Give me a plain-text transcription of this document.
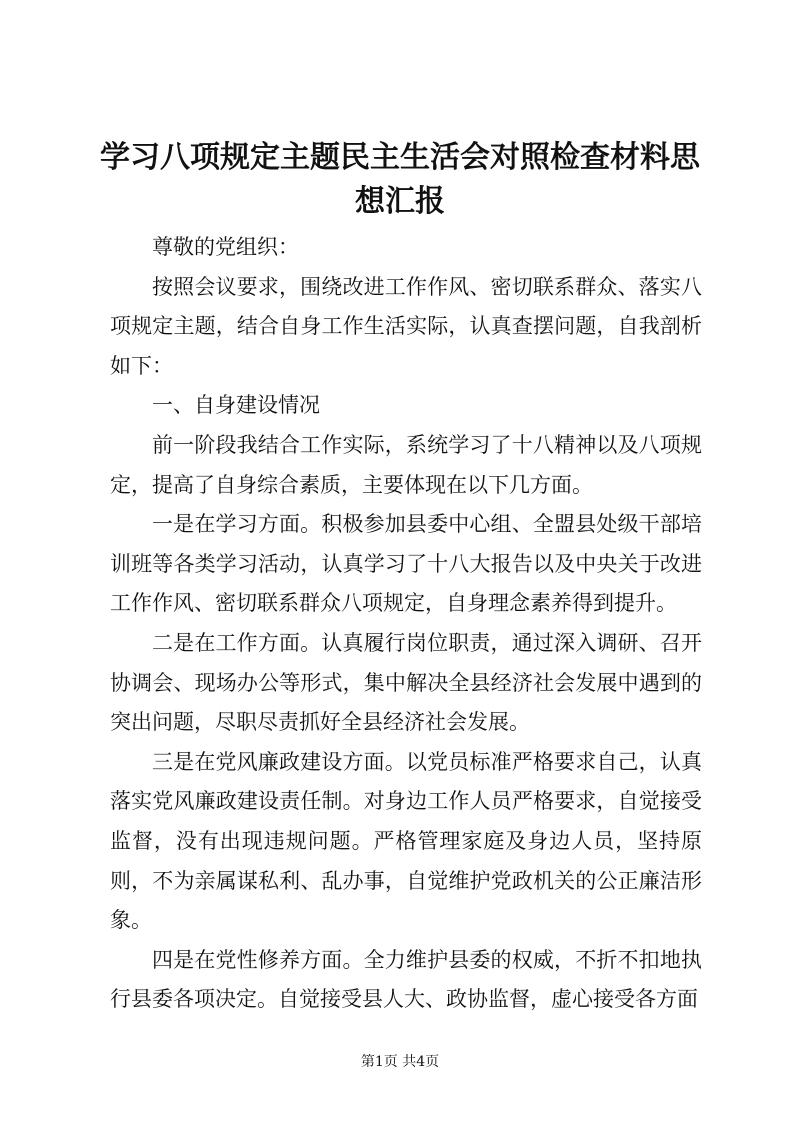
学习八项规定主题民主生活会对照检查材料思想汇报

尊敬的党组织：

按照会议要求，围绕改进工作作风、密切联系群众、落实八项规定主题，结合自身工作生活实际，认真查摆问题，自我剖析如下：

一、自身建设情况

前一阶段我结合工作实际，系统学习了十八精神以及八项规定，提高了自身综合素质，主要体现在以下几方面。

一是在学习方面。积极参加县委中心组、全盟县处级干部培训班等各类学习活动，认真学习了十八大报告以及中央关于改进工作作风、密切联系群众八项规定，自身理念素养得到提升。

二是在工作方面。认真履行岗位职责，通过深入调研、召开协调会、现场办公等形式，集中解决全县经济社会发展中遇到的突出问题，尽职尽责抓好全县经济社会发展。

三是在党风廉政建设方面。以党员标准严格要求自己，认真落实党风廉政建设责任制。对身边工作人员严格要求，自觉接受监督，没有出现违规问题。严格管理家庭及身边人员，坚持原则，不为亲属谋私利、乱办事，自觉维护党政机关的公正廉洁形象。

四是在党性修养方面。全力维护县委的权威，不折不扣地执行县委各项决定。自觉接受县人大、政协监督，虚心接受各方面

第1页 共4页
